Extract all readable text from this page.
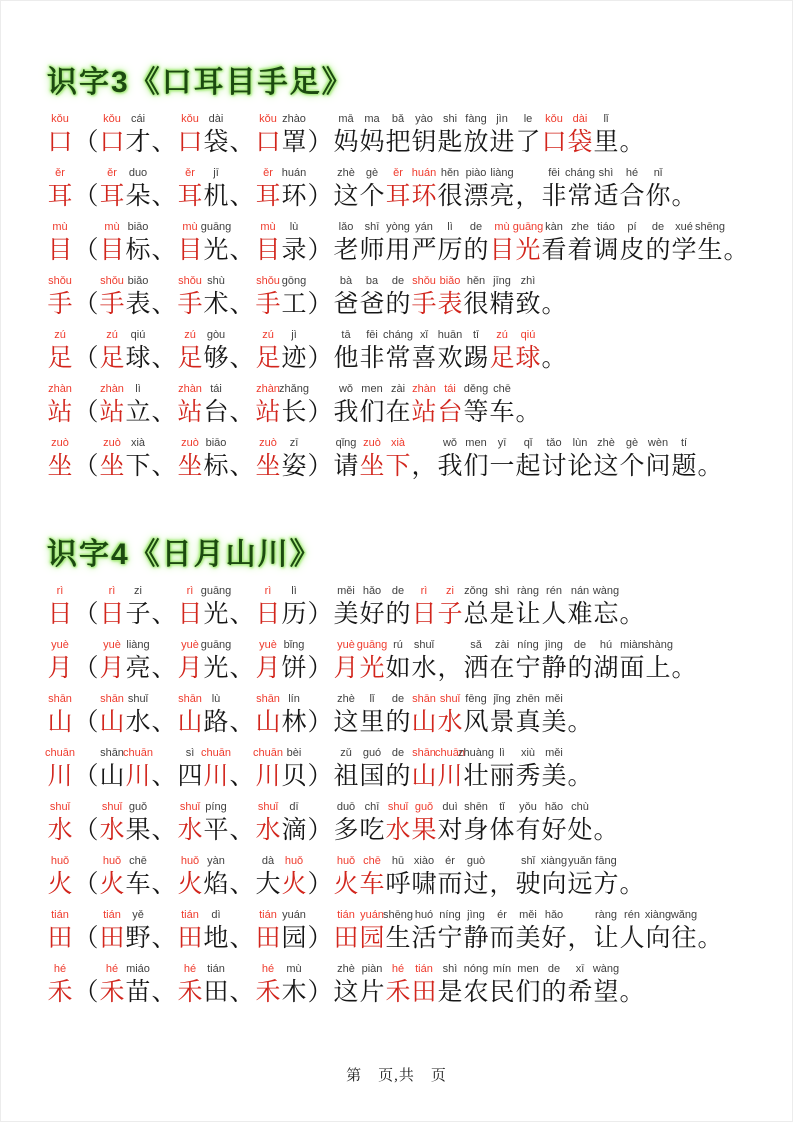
识字3《口耳目手足》
kǒu
口 （
kǒu
口
cái
才 、
kǒu
口
dài
袋 、
kǒu
口
zhào
罩 ）
mā
妈
ma
妈
bǎ
把
yào
钥
shi
匙
fàng
放
jìn
进
le
了
kǒu
口
dài
袋
lǐ
里 。
ěr
耳 （
ěr
耳
duo
朵 、
ěr
耳
jī
机 、
ěr
耳
huán
环 ）
zhè
这
gè
个
ěr
耳
huán
环
hěn
很
piào
漂
liàng
亮 ，
fēi
非
cháng
常
shì
适
hé
合
nǐ
你 。
mù
目 （
mù
目
biāo
标 、
mù
目
guāng
光 、
mù
目
lù
录 ）
lǎo
老
shī
师
yòng
用
yán
严
lì
厉
de
的
mù
目
guāng
光
kàn
看
zhe
着
tiáo
调
pí
皮
de
的
xué
学
shēng
生 。
shǒu
手 （
shǒu
手
biǎo
表 、
shǒu
手
shù
术 、
shǒu
手
gōng
工 ）
bà
爸
ba
爸
de
的
shǒu
手
biǎo
表
hěn
很
jīng
精
zhì
致 。
zú
足 （
zú
足
qiú
球 、
zú
足
gòu
够 、
zú
足
jì
迹 ）
tā
他
fēi
非
cháng
常
xǐ
喜
huān
欢
tī
踢
zú
足
qiú
球 。
zhàn
站 （
zhàn
站
lì
立 、
zhàn
站
tái
台 、
zhàn
站
zhǎng
长 ）
wǒ
我
men
们
zài
在
zhàn
站
tái
台
děng
等
chē
车 。
zuò
坐 （
zuò
坐
xià
下 、
zuò
坐
biāo
标 、
zuò
坐
zī
姿 ）
qǐng
请
zuò
坐
xià
下 ，
wǒ
我
men
们
yī
一
qǐ
起
tǎo
讨
lùn
论
zhè
这
gè
个
wèn
问
tí
题 。
识字4《日月山川》
rì
日 （
rì
日
zi
子 、
rì
日
guāng
光 、
rì
日
lì
历 ）
měi
美
hǎo
好
de
的
rì
日
zi
子
zǒng
总
shì
是
ràng
让
rén
人
nán
难
wàng
忘 。
yuè
月 （
yuè
月
liàng
亮 、
yuè
月
guāng
光 、
yuè
月
bǐng
饼 ）
yuè
月
guāng
光
rú
如
shuǐ
水 ，
sǎ
洒
zài
在
níng
宁
jìng
静
de
的
hú
湖
miàn
面
shàng
上 。
shān
山 （
shān
山
shuǐ
水 、
shān
山
lù
路 、
shān
山
lín
林 ）
zhè
这
lǐ
里
de
的
shān
山
shuǐ
水
fēng
风
jǐng
景
zhēn
真
měi
美 。
chuān
川 （
shān
山
chuān
川 、
sì
四
chuān
川 、
chuān
川
bèi
贝 ）
zǔ
祖
guó
国
de
的
shān
山
chuān
川
zhuàng
壮
lì
丽
xiù
秀
měi
美 。
shuǐ
水 （
shuǐ
水
guǒ
果 、
shuǐ
水
píng
平 、
shuǐ
水
dī
滴 ）
duō
多
chī
吃
shuǐ
水
guǒ
果
duì
对
shēn
身
tǐ
体
yǒu
有
hǎo
好
chù
处 。
huǒ
火 （
huǒ
火
chē
车 、
huǒ
火
yàn
焰 、
dà
大
huǒ
火 ）
huǒ
火
chē
车
hū
呼
xiào
啸
ér
而
guò
过 ，
shǐ
驶
xiàng
向
yuǎn
远
fāng
方 。
tián
田 （
tián
田
yě
野 、
tián
田
dì
地 、
tián
田
yuán
园 ）
tián
田
yuán
园
shēng
生
huó
活
níng
宁
jìng
静
ér
而
měi
美
hǎo
好 ，
ràng
让
rén
人
xiàng
向
wǎng
往 。
hé
禾 （
hé
禾
miáo
苗 、
hé
禾
tián
田 、
hé
禾
mù
木 ）
zhè
这
piàn
片
hé
禾
tián
田
shì
是
nóng
农
mín
民
men
们
de
的
xī
希
wàng
望 。
第　页,共　页
